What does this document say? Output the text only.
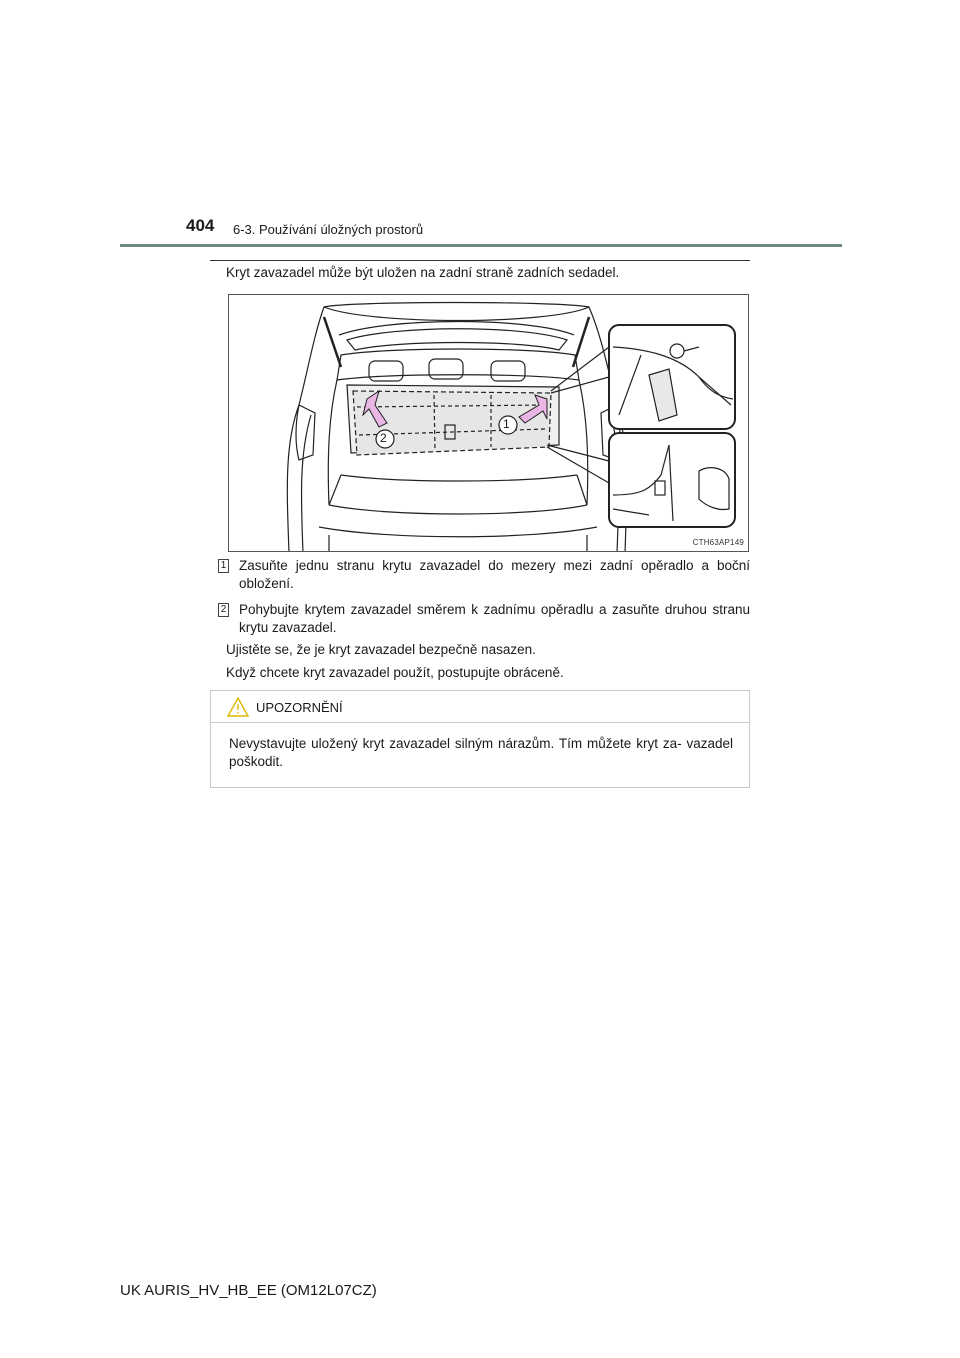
404 6-3. Používání úložných prostorů
Kryt zavazadel může být uložen na zadní straně zadních sedadel.
2
1
CTH63AP149
1 Zasuňte jednu stranu krytu zavazadel do mezery mezi zadní opěradlo a boční obložení.
2 Pohybujte krytem zavazadel směrem k zadnímu opěradlu a zasuňte druhou stranu krytu zavazadel.
Ujistěte se, že je kryt zavazadel bezpečně nasazen.
Když chcete kryt zavazadel použít, postupujte obráceně.
UPOZORNĚNÍ
Nevystavujte uložený kryt zavazadel silným nárazům. Tím můžete kryt za- vazadel poškodit.
UK AURIS_HV_HB_EE (OM12L07CZ)
